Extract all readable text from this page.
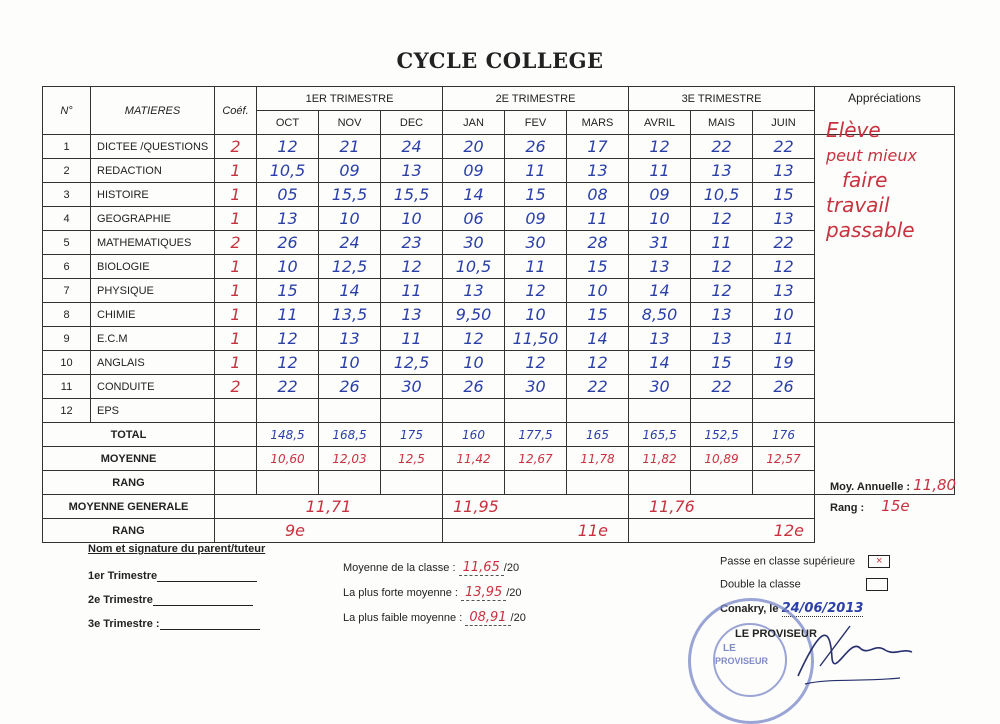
CYCLE COLLEGE
N°	MATIERES	Coéf.	1ER TRIMESTRE			2E TRIMESTRE			3E TRIMESTRE			Appréciations
			OCT	NOV	DEC	JAN	FEV	MARS	AVRIL	MAIS	JUIN	
1	DICTEE /QUESTIONS	2	12	21	24	20	26	17	12	22	22	
2	REDACTION	1	10,5	09	13	09	11	13	11	13	13	
3	HISTOIRE	1	05	15,5	15,5	14	15	08	09	10,5	15	
4	GEOGRAPHIE	1	13	10	10	06	09	11	10	12	13	
5	MATHEMATIQUES	2	26	24	23	30	30	28	31	11	22	
6	BIOLOGIE	1	10	12,5	12	10,5	11	15	13	12	12	
7	PHYSIQUE	1	15	14	11	13	12	10	14	12	13	
8	CHIMIE	1	11	13,5	13	9,50	10	15	8,50	13	10	
9	E.C.M	1	12	13	11	12	11,50	14	13	13	11	
10	ANGLAIS	1	12	10	12,5	10	12	12	14	15	19	
11	CONDUITE	2	22	26	30	26	30	22	30	22	26	
12	EPS											
TOTAL			148,5	168,5	175	160	177,5	165	165,5	152,5	176	
MOYENNE			10,60	12,03	12,5	11,42	12,67	11,78	11,82	10,89	12,57	
RANG												
MOYENNE GENERALE		11,71				11,95			11,76			
RANG		9e				11e			12e			
Elève
peut mieux
faire
travail
passable
Moy. Annuelle : 11,80
Rang : 15e
Nom et signature du parent/tuteur
1er Trimestre
2e Trimestre
3e Trimestre :
Moyenne de la classe : 11,65 /20
La plus forte moyenne : 13,95 /20
La plus faible moyenne : 08,91 /20
Passe en classe supérieure ×
Double la classe
Conakry, le 24/06/2013
LE
PROVISEUR
LE PROVISEUR
